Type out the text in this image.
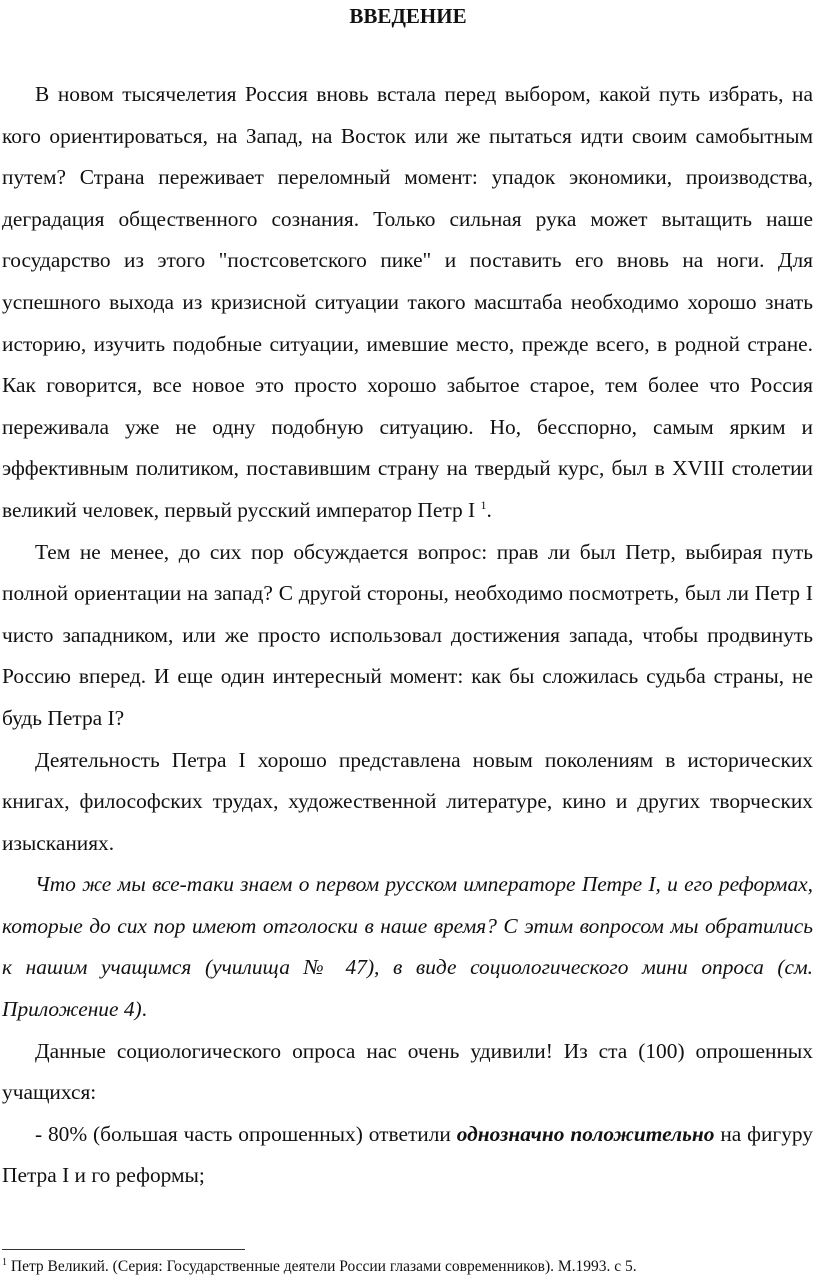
ВВЕДЕНИЕ

В новом тысячелетия Россия вновь встала перед выбором, какой путь избрать, на кого ориентироваться, на Запад, на Восток или же пытаться идти своим самобытным путем? Страна переживает переломный момент: упадок экономики, производства, деградация общественного сознания. Только сильная рука может вытащить наше государство из этого "постсоветского пике" и поставить его вновь на ноги. Для успешного выхода из кризисной ситуации такого масштаба необходимо хорошо знать историю, изучить подобные ситуации, имевшие место, прежде всего, в родной стране. Как говорится, все новое это просто хорошо забытое старое, тем более что Россия переживала уже не одну подобную ситуацию. Но, бесспорно, самым ярким и эффективным политиком, поставившим страну на твердый курс, был в XVIII столетии великий человек, первый русский император Петр I $^1$.

Тем не менее, до сих пор обсуждается вопрос: прав ли был Петр, выбирая путь полной ориентации на запад? С другой стороны, необходимо посмотреть, был ли Петр I чисто западником, или же просто использовал достижения запада, чтобы продвинуть Россию вперед. И еще один интересный момент: как бы сложилась судьба страны, не будь Петра I?

Деятельность Петра I хорошо представлена новым поколениям в исторических книгах, философских трудах, художественной литературе, кино и других творческих изысканиях.

Что же мы все-таки знаем о первом русском императоре Петре I, и его реформах, которые до сих пор имеют отголоски в наше время? С этим вопросом мы обратились к нашим учащимся (училища № 47), в виде социологического мини опроса (см. Приложение 4).

Данные социологического опроса нас очень удивили! Из ста (100) опрошенных учащихся:

- 80% (большая часть опрошенных) ответили однозначно положительно на фигуру Петра I и го реформы;

$^1$ Петр Великий. (Серия: Государственные деятели России глазами современников). М.1993. с 5.
